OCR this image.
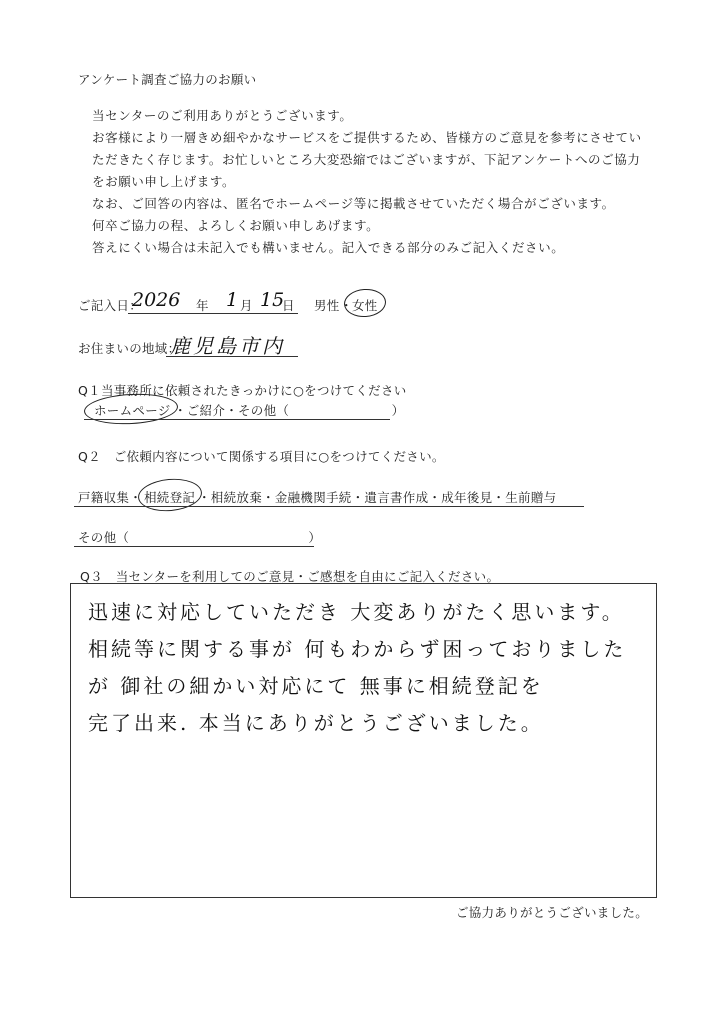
アンケート調査ご協力のお願い

当センターのご利用ありがとうございます。

お客様により一層きめ細やかなサービスをご提供するため、皆様方のご意見を参考にさせてい

ただきたく存じます。お忙しいところ大変恐縮ではございますが、下記アンケートへのご協力

をお願い申し上げます。

なお、ご回答の内容は、匿名でホームページ等に掲載させていただく場合がございます。

何卒ご協力の程、よろしくお願い申しあげます。

答えにくい場合は未記入でも構いません。記入できる部分のみご記入ください。

ご記入日：
2026 年 1 月 15
日 男性 ・ 女性
お住まいの地域：
鹿児島市内
Q１当事務所に依頼されたきっかけに○をつけてください
ホームページ ・ご紹介・その他（　　　　　　　　）
Q２　ご依頼内容について関係する項目に○をつけてください。
戸籍収集・ 相続登記 ・相続放棄・金融機関手続・遺言書作成・成年後見・生前贈与
その他（　　　　　　　　　　　　　　）
Q３　当センターを利用してのご意見・ご感想を自由にご記入ください。
迅速に対応していただき 大変ありがたく思います。
相続等に関する事が 何もわからず困っておりました
が 御社の細かい対応にて 無事に相続登記を
完了出来. 本当にありがとうございました。
ご協力ありがとうございました。
